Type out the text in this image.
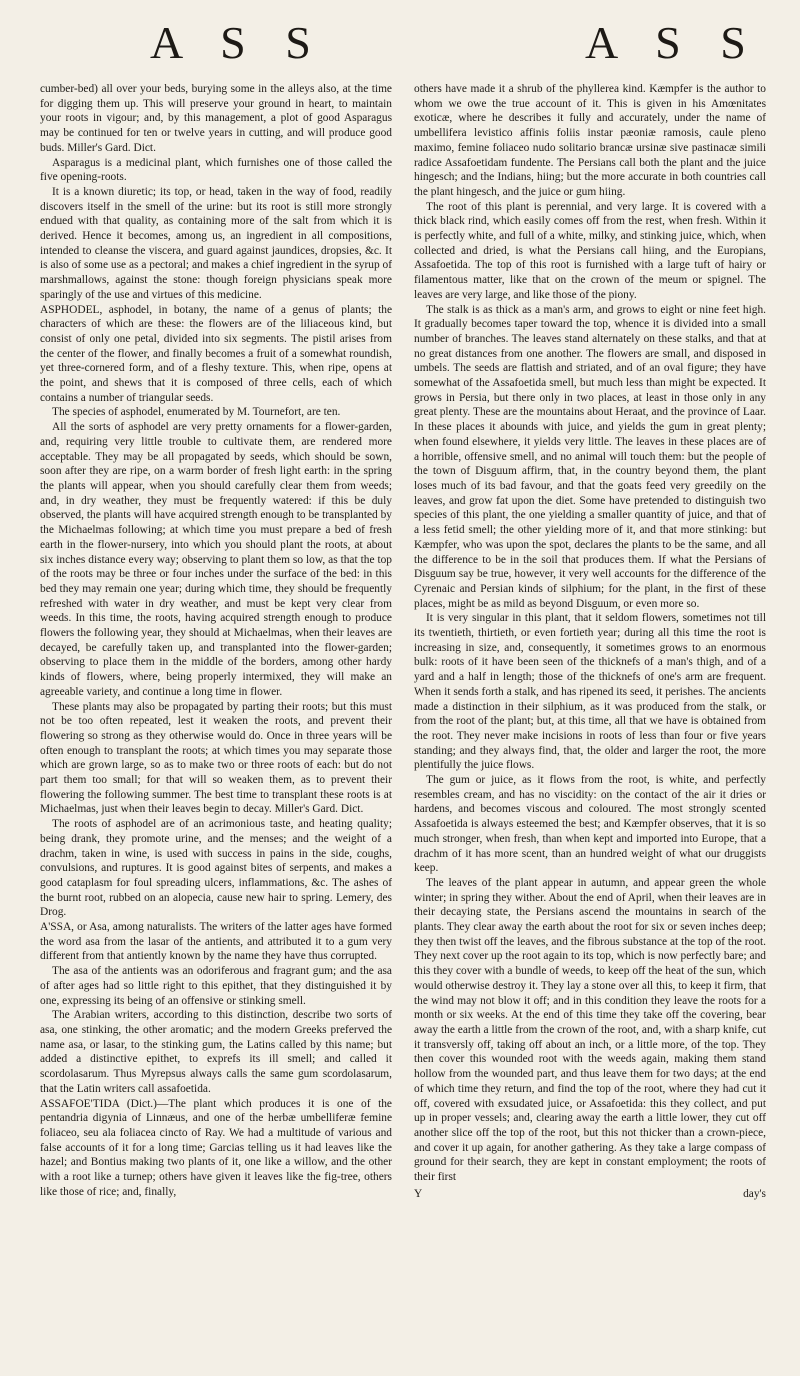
A S S	A S S

cumber-bed) all over your beds, burying some in the alleys also, at the time for digging them up. This will preserve your ground in heart, to maintain your roots in vigour; and, by this management, a plot of good Asparagus may be continued for ten or twelve years in cutting, and will produce good buds. Miller's Gard. Dict.

Asparagus is a medicinal plant, which furnishes one of those called the five opening-roots.

It is a known diuretic; its top, or head, taken in the way of food, readily discovers itself in the smell of the urine: but its root is still more strongly endued with that quality, as containing more of the salt from which it is derived. Hence it becomes, among us, an ingredient in all compositions, intended to cleanse the viscera, and guard against jaundices, dropsies, &c. It is also of some use as a pectoral; and makes a chief ingredient in the syrup of marshmallows, against the stone: though foreign physicians speak more sparingly of the use and virtues of this medicine.

ASPHODEL, asphodel, in botany, the name of a genus of plants; the characters of which are these: the flowers are of the liliaceous kind, but consist of only one petal, divided into six segments. The pistil arises from the center of the flower, and finally becomes a fruit of a somewhat roundish, yet three-cornered form, and of a fleshy texture. This, when ripe, opens at the point, and shews that it is composed of three cells, each of which contains a number of triangular seeds.

The species of asphodel, enumerated by M. Tournefort, are ten.

All the sorts of asphodel are very pretty ornaments for a flower-garden, and, requiring very little trouble to cultivate them, are rendered more acceptable. They may be all propagated by seeds, which should be sown, soon after they are ripe, on a warm border of fresh light earth: in the spring the plants will appear, when you should carefully clear them from weeds; and, in dry weather, they must be frequently watered: if this be duly observed, the plants will have acquired strength enough to be transplanted by the Michaelmas following; at which time you must prepare a bed of fresh earth in the flower-nursery, into which you should plant the roots, at about six inches distance every way; observing to plant them so low, as that the top of the roots may be three or four inches under the surface of the bed: in this bed they may remain one year; during which time, they should be frequently refreshed with water in dry weather, and must be kept very clear from weeds. In this time, the roots, having acquired strength enough to produce flowers the following year, they should at Michaelmas, when their leaves are decayed, be carefully taken up, and transplanted into the flower-garden; observing to place them in the middle of the borders, among other hardy kinds of flowers, where, being properly intermixed, they will make an agreeable variety, and continue a long time in flower.

These plants may also be propagated by parting their roots; but this must not be too often repeated, lest it weaken the roots, and prevent their flowering so strong as they otherwise would do. Once in three years will be often enough to transplant the roots; at which times you may separate those which are grown large, so as to make two or three roots of each: but do not part them too small; for that will so weaken them, as to prevent their flowering the following summer. The best time to transplant these roots is at Michaelmas, just when their leaves begin to decay. Miller's Gard. Dict.

The roots of asphodel are of an acrimonious taste, and heating quality; being drank, they promote urine, and the menses; and the weight of a drachm, taken in wine, is used with success in pains in the side, coughs, convulsions, and ruptures. It is good against bites of serpents, and makes a good cataplasm for foul spreading ulcers, inflammations, &c. The ashes of the burnt root, rubbed on an alopecia, cause new hair to spring. Lemery, des Drog.

A'SSA, or Asa, among naturalists. The writers of the latter ages have formed the word asa from the lasar of the antients, and attributed it to a gum very different from that antiently known by the name they have thus corrupted.

The asa of the antients was an odoriferous and fragrant gum; and the asa of after ages had so little right to this epithet, that they distinguished it by one, expressing its being of an offensive or stinking smell.

The Arabian writers, according to this distinction, describe two sorts of asa, one stinking, the other aromatic; and the modern Greeks preferved the name asa, or lasar, to the stinking gum, the Latins called by this name; but added a distinctive epithet, to exprefs its ill smell; and called it scordolasarum. Thus Myrepsus always calls the same gum scordolasarum, that the Latin writers call assafoetida.

ASSAFOE'TIDA (Dict.)—The plant which produces it is one of the pentandria digynia of Linnæus, and one of the herbæ umbelliferæ femine foliaceo, seu ala foliacea cincto of Ray. We had a multitude of various and false accounts of it for a long time; Garcias telling us it had leaves like the hazel; and Bontius making two plants of it, one like a willow, and the other with a root like a turnep; others have given it leaves like the fig-tree, others like those of rice; and, finally,

others have made it a shrub of the phyllerea kind. Kæmpfer is the author to whom we owe the true account of it. This is given in his Amœnitates exoticæ, where he describes it fully and accurately, under the name of umbellifera levistico affinis foliis instar pæoniæ ramosis, caule pleno maximo, femine foliaceo nudo solitario brancæ ursinæ sive pastinacæ simili radice Assafoetidam fundente. The Persians call both the plant and the juice hingesch; and the Indians, hiing; but the more accurate in both countries call the plant hingesch, and the juice or gum hiing.

The root of this plant is perennial, and very large. It is covered with a thick black rind, which easily comes off from the rest, when fresh. Within it is perfectly white, and full of a white, milky, and stinking juice, which, when collected and dried, is what the Persians call hiing, and the Europians, Assafoetida. The top of this root is furnished with a large tuft of hairy or filamentous matter, like that on the crown of the meum or spignel. The leaves are very large, and like those of the piony.

The stalk is as thick as a man's arm, and grows to eight or nine feet high. It gradually becomes taper toward the top, whence it is divided into a small number of branches. The leaves stand alternately on these stalks, and that at no great distances from one another. The flowers are small, and disposed in umbels. The seeds are flattish and striated, and of an oval figure; they have somewhat of the Assafoetida smell, but much less than might be expected. It grows in Persia, but there only in two places, at least in those only in any great plenty. These are the mountains about Heraat, and the province of Laar. In these places it abounds with juice, and yields the gum in great plenty; when found elsewhere, it yields very little. The leaves in these places are of a horrible, offensive smell, and no animal will touch them: but the people of the town of Disguum affirm, that, in the country beyond them, the plant loses much of its bad favour, and that the goats feed very greedily on the leaves, and grow fat upon the diet. Some have pretended to distinguish two species of this plant, the one yielding a smaller quantity of juice, and that of a less fetid smell; the other yielding more of it, and that more stinking: but Kæmpfer, who was upon the spot, declares the plants to be the same, and all the difference to be in the soil that produces them. If what the Persians of Disguum say be true, however, it very well accounts for the difference of the Cyrenaic and Persian kinds of silphium; for the plant, in the first of these places, might be as mild as beyond Disguum, or even more so.

It is very singular in this plant, that it seldom flowers, sometimes not till its twentieth, thirtieth, or even fortieth year; during all this time the root is increasing in size, and, consequently, it sometimes grows to an enormous bulk: roots of it have been seen of the thicknefs of a man's thigh, and of a yard and a half in length; those of the thicknefs of one's arm are frequent. When it sends forth a stalk, and has ripened its seed, it perishes. The ancients made a distinction in their silphium, as it was produced from the stalk, or from the root of the plant; but, at this time, all that we have is obtained from the root. They never make incisions in roots of less than four or five years standing; and they always find, that, the older and larger the root, the more plentifully the juice flows.

The gum or juice, as it flows from the root, is white, and perfectly resembles cream, and has no viscidity: on the contact of the air it dries or hardens, and becomes viscous and coloured. The most strongly scented Assafoetida is always esteemed the best; and Kæmpfer observes, that it is so much stronger, when fresh, than when kept and imported into Europe, that a drachm of it has more scent, than an hundred weight of what our druggists keep.

The leaves of the plant appear in autumn, and appear green the whole winter; in spring they wither. About the end of April, when their leaves are in their decaying state, the Persians ascend the mountains in search of the plants. They clear away the earth about the root for six or seven inches deep; they then twist off the leaves, and the fibrous substance at the top of the root. They next cover up the root again to its top, which is now perfectly bare; and this they cover with a bundle of weeds, to keep off the heat of the sun, which would otherwise destroy it. They lay a stone over all this, to keep it firm, that the wind may not blow it off; and in this condition they leave the roots for a month or six weeks. At the end of this time they take off the covering, bear away the earth a little from the crown of the root, and, with a sharp knife, cut it transversly off, taking off about an inch, or a little more, of the top. They then cover this wounded root with the weeds again, making them stand hollow from the wounded part, and thus leave them for two days; at the end of which time they return, and find the top of the root, where they had cut it off, covered with exsudated juice, or Assafoetida: this they collect, and put up in proper vessels; and, clearing away the earth a little lower, they cut off another slice off the top of the root, but this not thicker than a crown-piece, and cover it up again, for another gathering. As they take a large compass of ground for their search, they are kept in constant employment; the roots of their first

Y	day's
